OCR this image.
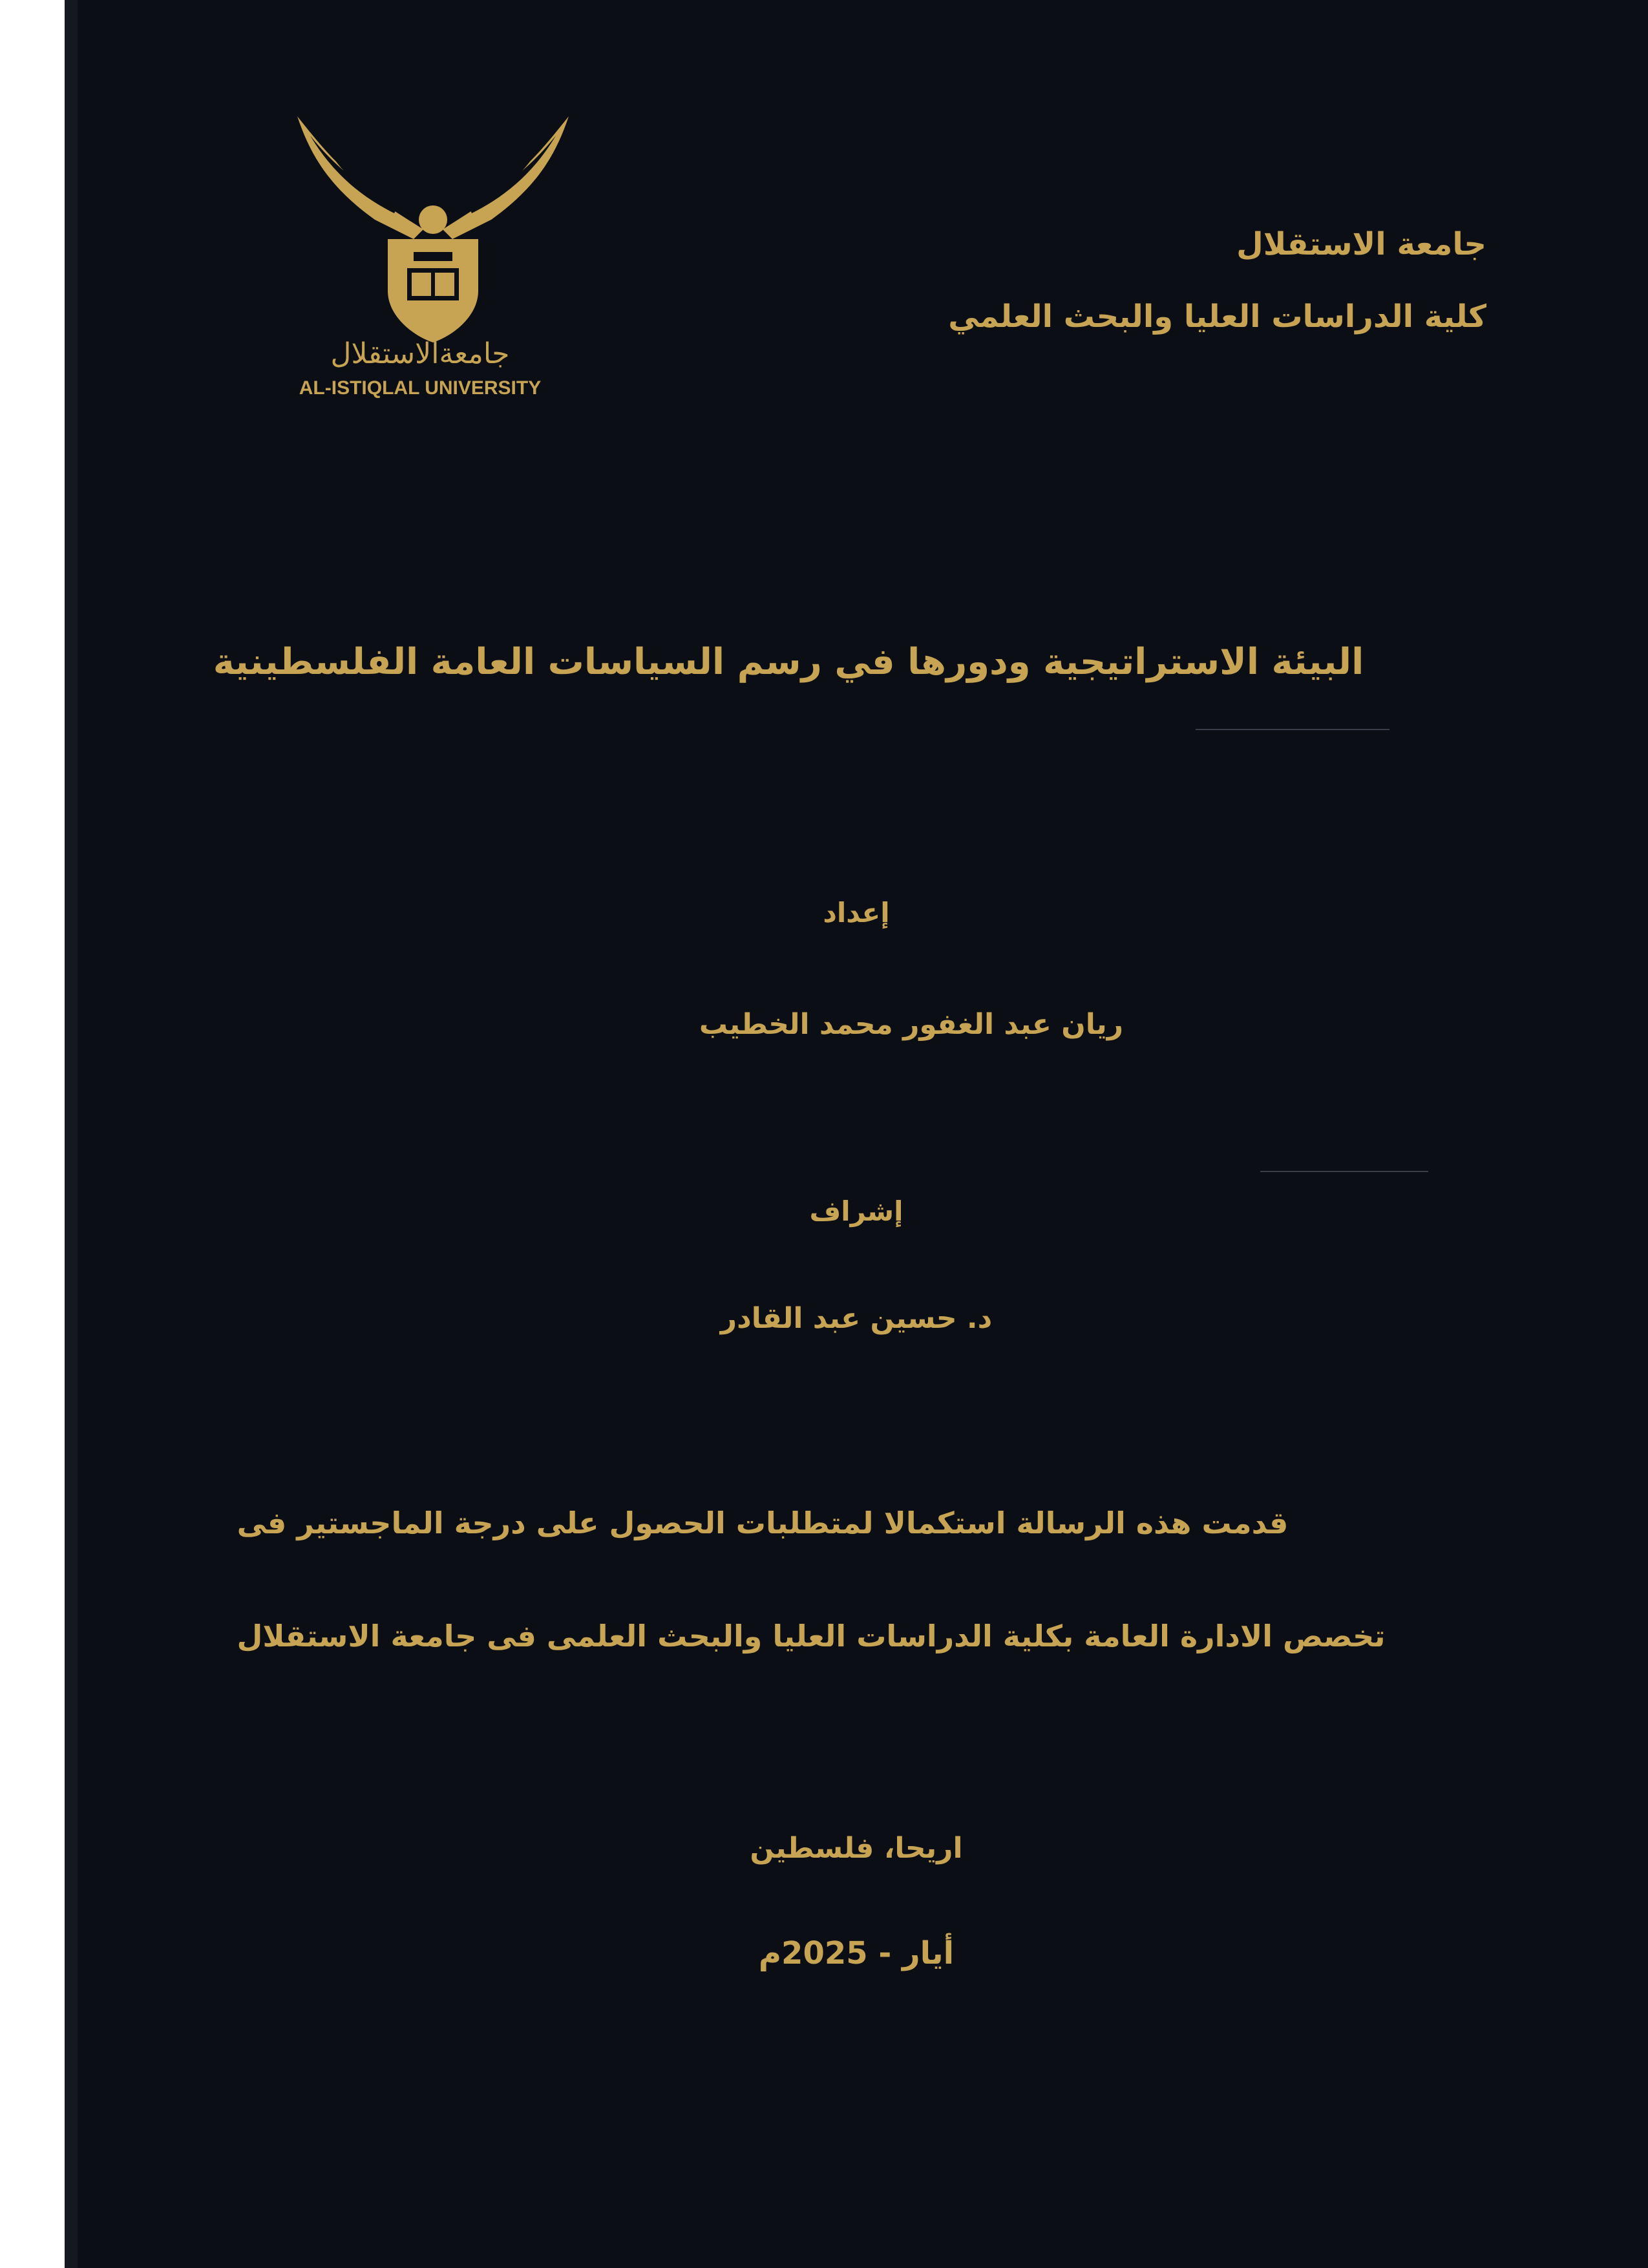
جامعةالاستقلال
AL-ISTIQLAL UNIVERSITY
جامعة الاستقلال
كلية الدراسات العليا والبحث العلمي
البيئة الاستراتيجية ودورها في رسم السياسات العامة الفلسطينية
إعداد
ريان عبد الغفور محمد الخطيب
إشراف
د. حسين عبد القادر
قدمت هذه الرسالة استكمالا لمتطلبات الحصول على درجة الماجستير فى
تخصص الادارة العامة بكلية الدراسات العليا والبحث العلمى فى جامعة الاستقلال
اريحا، فلسطين
أيار - 2025م
